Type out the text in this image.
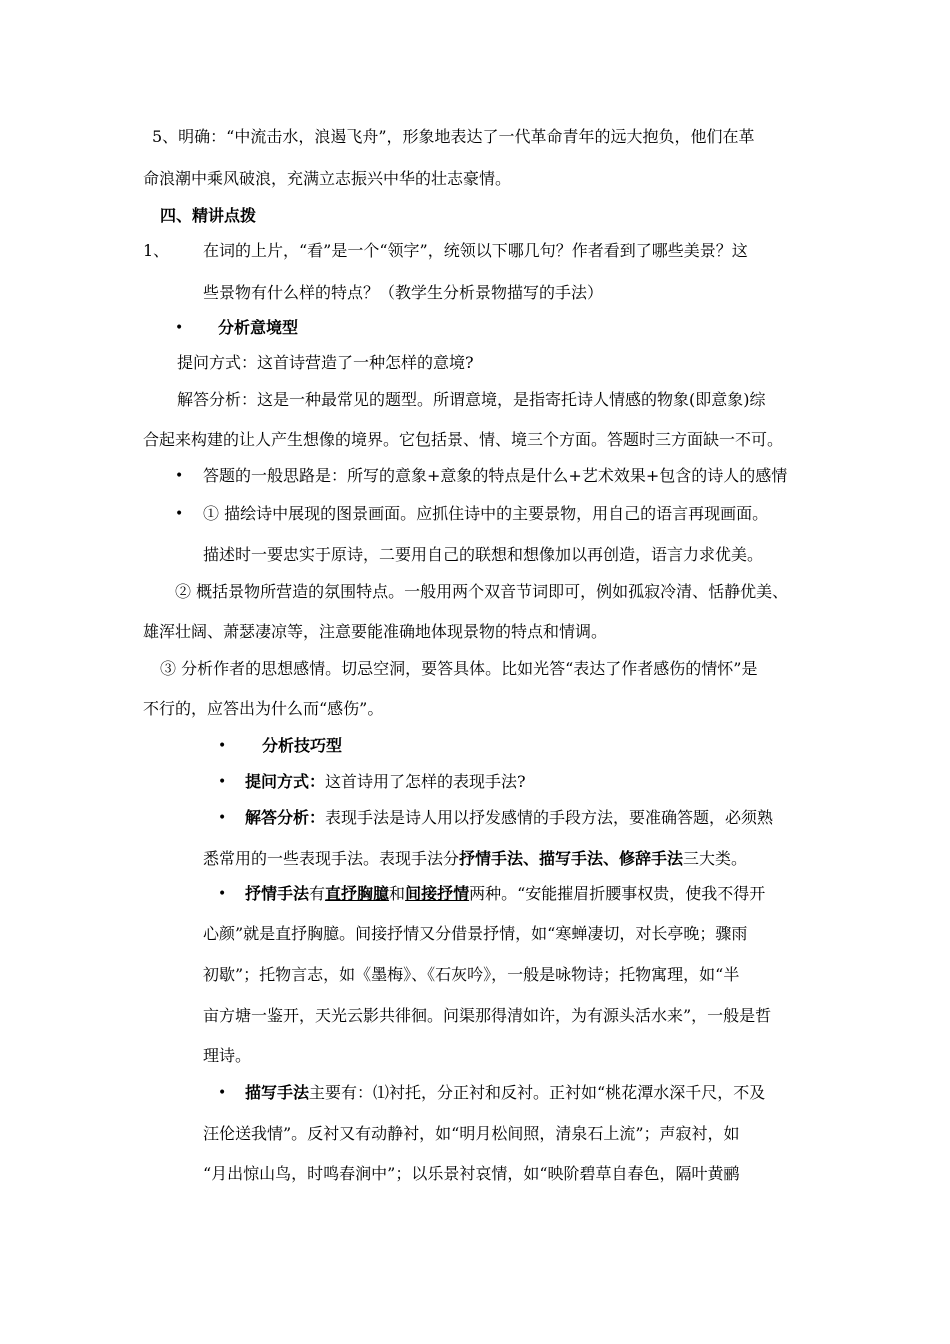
5、明确：“中流击水，浪遏飞舟”，形象地表达了一代革命青年的远大抱负，他们在革
命浪潮中乘风破浪，充满立志振兴中华的壮志豪情。
四、精讲点拨
1、 在词的上片，“看”是一个“领字”，统领以下哪几句？作者看到了哪些美景？这
些景物有什么样的特点？（教学生分析景物描写的手法）
• 分析意境型
提问方式：这首诗营造了一种怎样的意境?
解答分析：这是一种最常见的题型。所谓意境，是指寄托诗人情感的物象(即意象)综
合起来构建的让人产生想像的境界。它包括景、情、境三个方面。答题时三方面缺一不可。
• 答题的一般思路是：所写的意象+意象的特点是什么+艺术效果+包含的诗人的感情
• ① 描绘诗中展现的图景画面。应抓住诗中的主要景物，用自己的语言再现画面。
描述时一要忠实于原诗，二要用自己的联想和想像加以再创造，语言力求优美。
② 概括景物所营造的氛围特点。一般用两个双音节词即可，例如孤寂冷清、恬静优美、
雄浑壮阔、萧瑟凄凉等，注意要能准确地体现景物的特点和情调。
③ 分析作者的思想感情。切忌空洞，要答具体。比如光答“表达了作者感伤的情怀”是
不行的，应答出为什么而“感伤”。
• 分析技巧型
• 提问方式：这首诗用了怎样的表现手法?
• 解答分析：表现手法是诗人用以抒发感情的手段方法，要准确答题，必须熟
悉常用的一些表现手法。表现手法分抒情手法、描写手法、修辞手法三大类。
• 抒情手法有直抒胸臆和间接抒情两种。“安能摧眉折腰事权贵，使我不得开
心颜”就是直抒胸臆。间接抒情又分借景抒情，如“寒蝉凄切，对长亭晚；骤雨
初歇”；托物言志，如《墨梅》、《石灰吟》，一般是咏物诗；托物寓理，如“半
亩方塘一鉴开，天光云影共徘徊。问渠那得清如许，为有源头活水来”，一般是哲
理诗。
• 描写手法主要有：⑴衬托，分正衬和反衬。正衬如“桃花潭水深千尺，不及
汪伦送我情”。反衬又有动静衬，如“明月松间照，清泉石上流”；声寂衬，如
“月出惊山鸟，时鸣春涧中”；以乐景衬哀情，如“映阶碧草自春色，隔叶黄鹂
